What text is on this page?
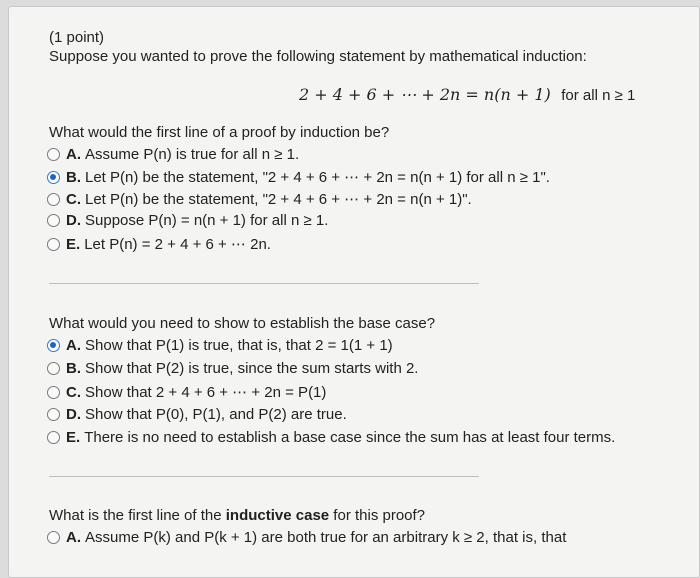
(1 point)
Suppose you wanted to prove the following statement by mathematical induction:
2 + 4 + 6 + ⋯ + 2n = n(n + 1) for all n ≥ 1
What would the first line of a proof by induction be?
A. Assume P(n) is true for all n ≥ 1.
B. Let P(n) be the statement, "2 + 4 + 6 + ⋯ + 2n = n(n + 1) for all n ≥ 1".
C. Let P(n) be the statement, "2 + 4 + 6 + ⋯ + 2n = n(n + 1)".
D. Suppose P(n) = n(n + 1) for all n ≥ 1.
E. Let P(n) = 2 + 4 + 6 + ⋯ 2n.
What would you need to show to establish the base case?
A. Show that P(1) is true, that is, that 2 = 1(1 + 1)
B. Show that P(2) is true, since the sum starts with 2.
C. Show that 2 + 4 + 6 + ⋯ + 2n = P(1)
D. Show that P(0), P(1), and P(2) are true.
E. There is no need to establish a base case since the sum has at least four terms.
What is the first line of the inductive case for this proof?
A. Assume P(k) and P(k + 1) are both true for an arbitrary k ≥ 2, that is, that
